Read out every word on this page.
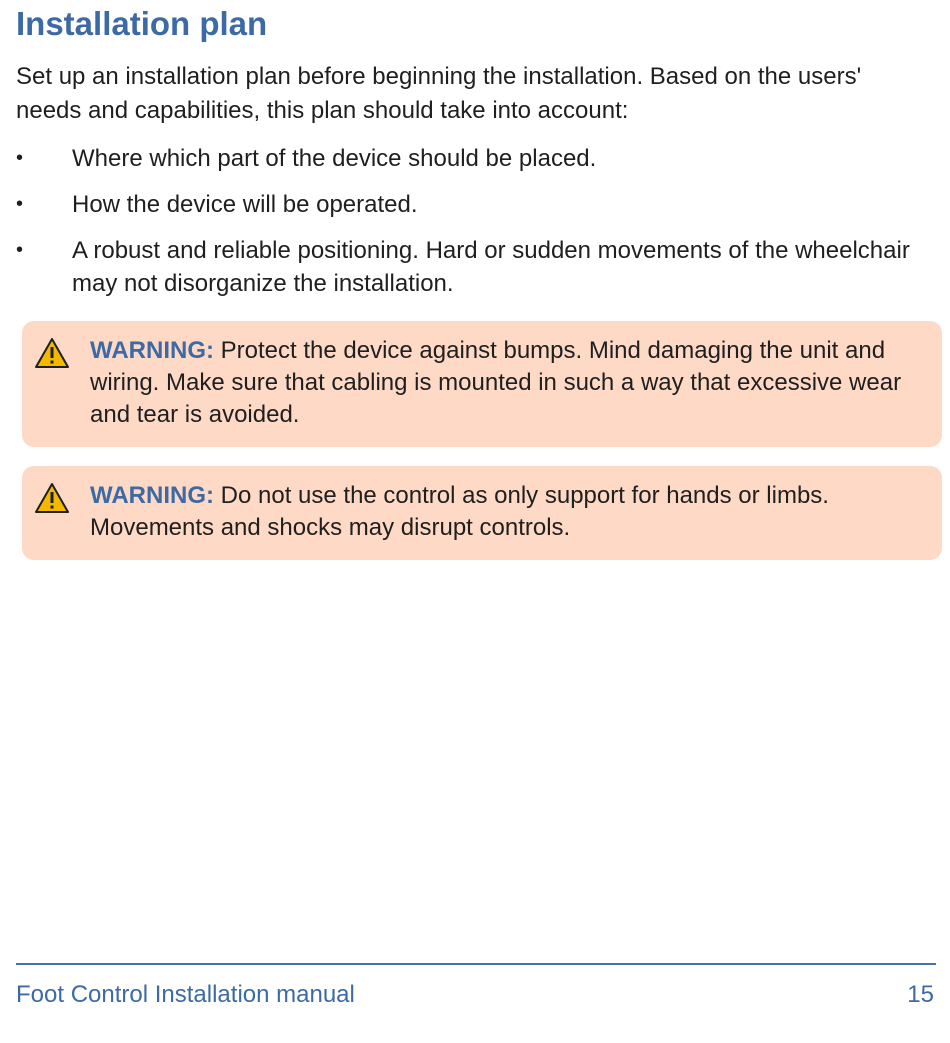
Installation plan

Set up an installation plan before beginning the installation. Based on the users' needs and capabilities, this plan should take into account:

•	Where which part of the device should be placed.
•	How the device will be operated.
•	A robust and reliable positioning. Hard or sudden movements of the wheelchair may not disorganize the installation.
WARNING: Protect the device against bumps. Mind damaging the unit and wiring. Make sure that cabling is mounted in such a way that excessive wear and tear is avoided.
WARNING: Do not use the control as only support for hands or limbs. Movements and shocks may disrupt controls.
Foot Control Installation manual	15
